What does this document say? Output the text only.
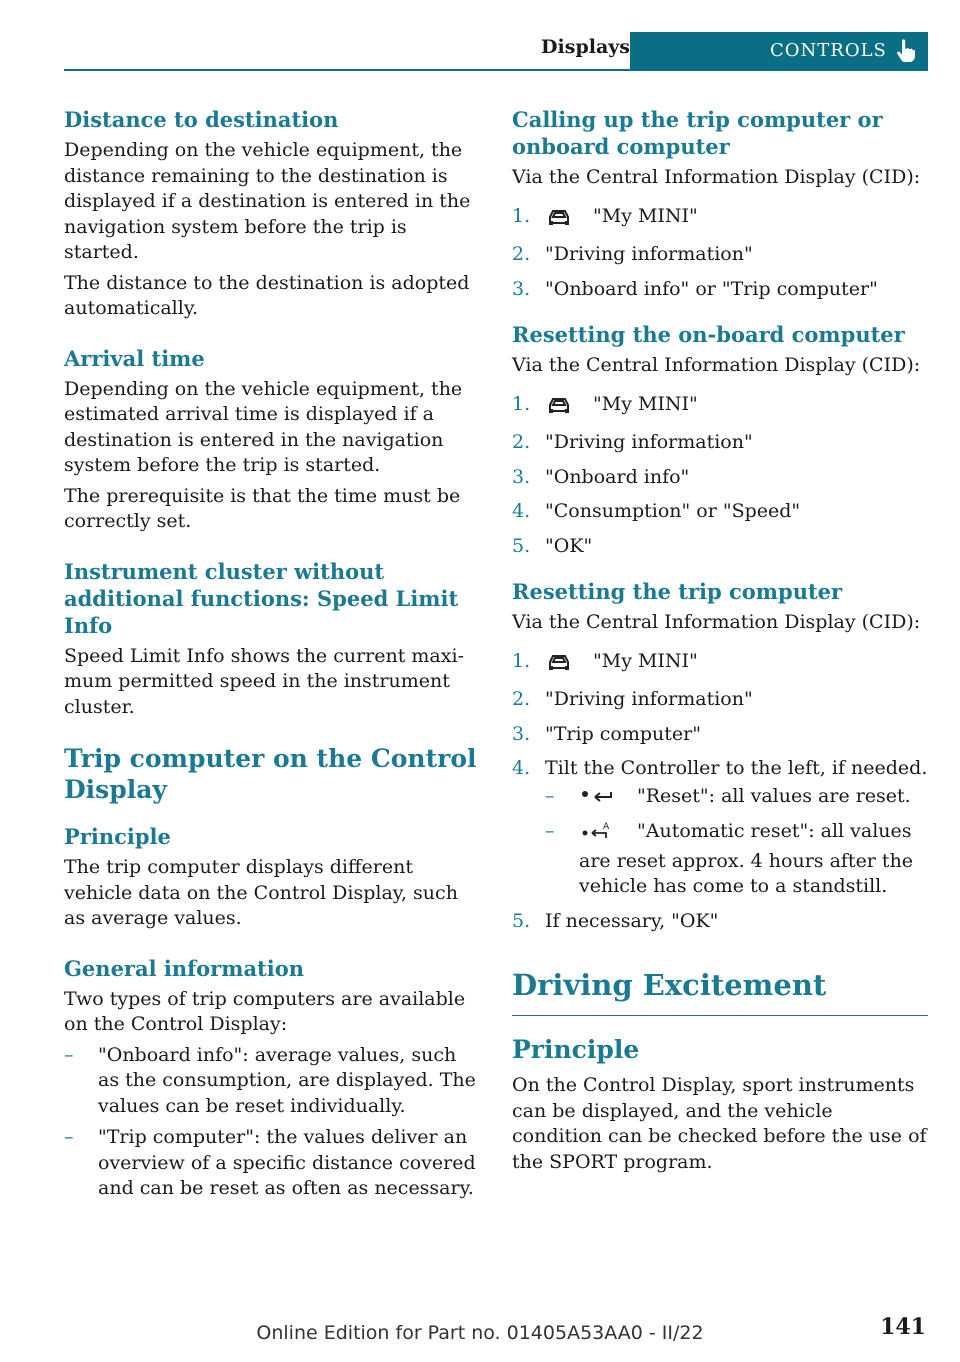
Displays	CONTROLS
Distance to destination

Depending on the vehicle equipment, the distance remaining to the destination is displayed if a destination is entered in the navigation system before the trip is started.

The distance to the destination is adopted automatically.

Arrival time

Depending on the vehicle equipment, the estimated arrival time is displayed if a destination is entered in the navigation system before the trip is started.

The prerequisite is that the time must be correctly set.

Instrument cluster without additional functions: Speed Limit Info

Speed Limit Info shows the current maximum permitted speed in the instrument cluster.

Trip computer on the Control Display
Principle

The trip computer displays different vehicle data on the Control Display, such as average values.

General information

Two types of trip computers are available on the Control Display:

– "Onboard info": average values, such as the consumption, are displayed. The values can be reset individually.
– "Trip computer": the values deliver an overview of a specific distance covered and can be reset as often as necessary.
Calling up the trip computer or onboard computer

Via the Central Information Display (CID):

1.	"My MINI"
2. "Driving information"
3. "Onboard info" or "Trip computer"
Resetting the on-board computer

Via the Central Information Display (CID):

1.	"My MINI"
2. "Driving information"
3. "Onboard info"
4. "Consumption" or "Speed"
5. "OK"
Resetting the trip computer

Via the Central Information Display (CID):

1.	"My MINI"
2. "Driving information"
3. "Trip computer"
4. Tilt the Controller to the left, if needed.
–	"Reset": all values are reset.
–	A "Automatic reset": all values are reset approx. 4 hours after the vehicle has come to a standstill.
5. If necessary, "OK"
Driving Excitement
Principle

On the Control Display, sport instruments can be displayed, and the vehicle condition can be checked before the use of the SPORT program.

141
Online Edition for Part no. 01405A53AA0 - II/22
